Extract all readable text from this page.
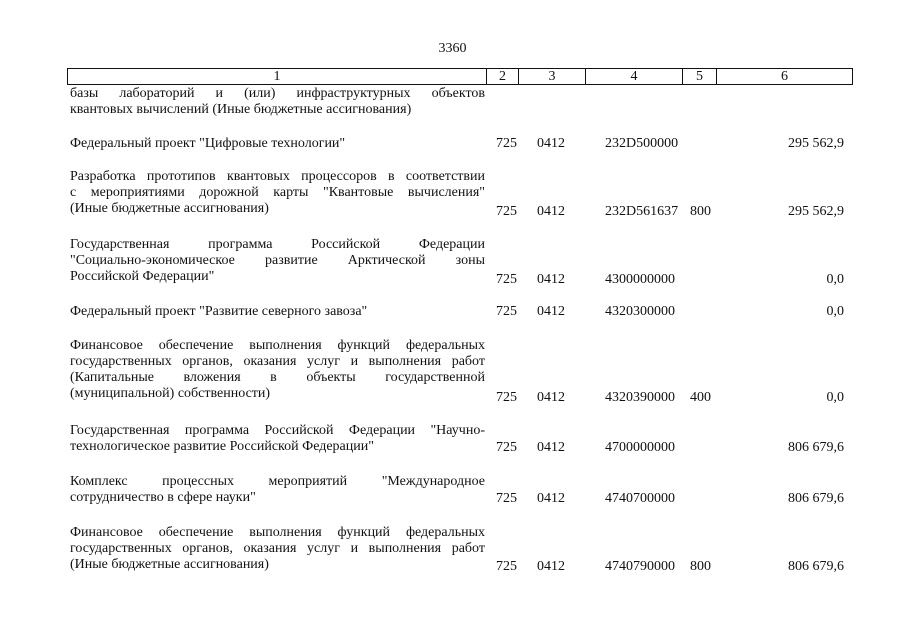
3360
1	2	3	4	5	6
базы лабораторий и (или) инфраструктурных объектов
квантовых вычислений (Иные бюджетные ассигнования)
Федеральный проект "Цифровые технологии"	725 0412	232D500000	295 562,9
Разработка прототипов квантовых процессоров в соответствии
с мероприятиями дорожной карты "Квантовые вычисления"
(Иные бюджетные ассигнования)	725 0412	232D561637 800	295 562,9
Государственная программа Российской Федерации
"Социально-экономическое развитие Арктической зоны
Российской Федерации"	725 0412	4300000000	0,0
Федеральный проект "Развитие северного завоза"	725 0412	4320300000	0,0
Финансовое обеспечение выполнения функций федеральных
государственных органов, оказания услуг и выполнения работ
(Капитальные вложения в объекты государственной
(муниципальной) собственности)	725 0412	4320390000 400	0,0
Государственная программа Российской Федерации "Научно-
технологическое развитие Российской Федерации"	725 0412	4700000000	806 679,6
Комплекс процессных мероприятий "Международное
сотрудничество в сфере науки"	725 0412	4740700000	806 679,6
Финансовое обеспечение выполнения функций федеральных
государственных органов, оказания услуг и выполнения работ
(Иные бюджетные ассигнования)	725 0412	4740790000 800	806 679,6
